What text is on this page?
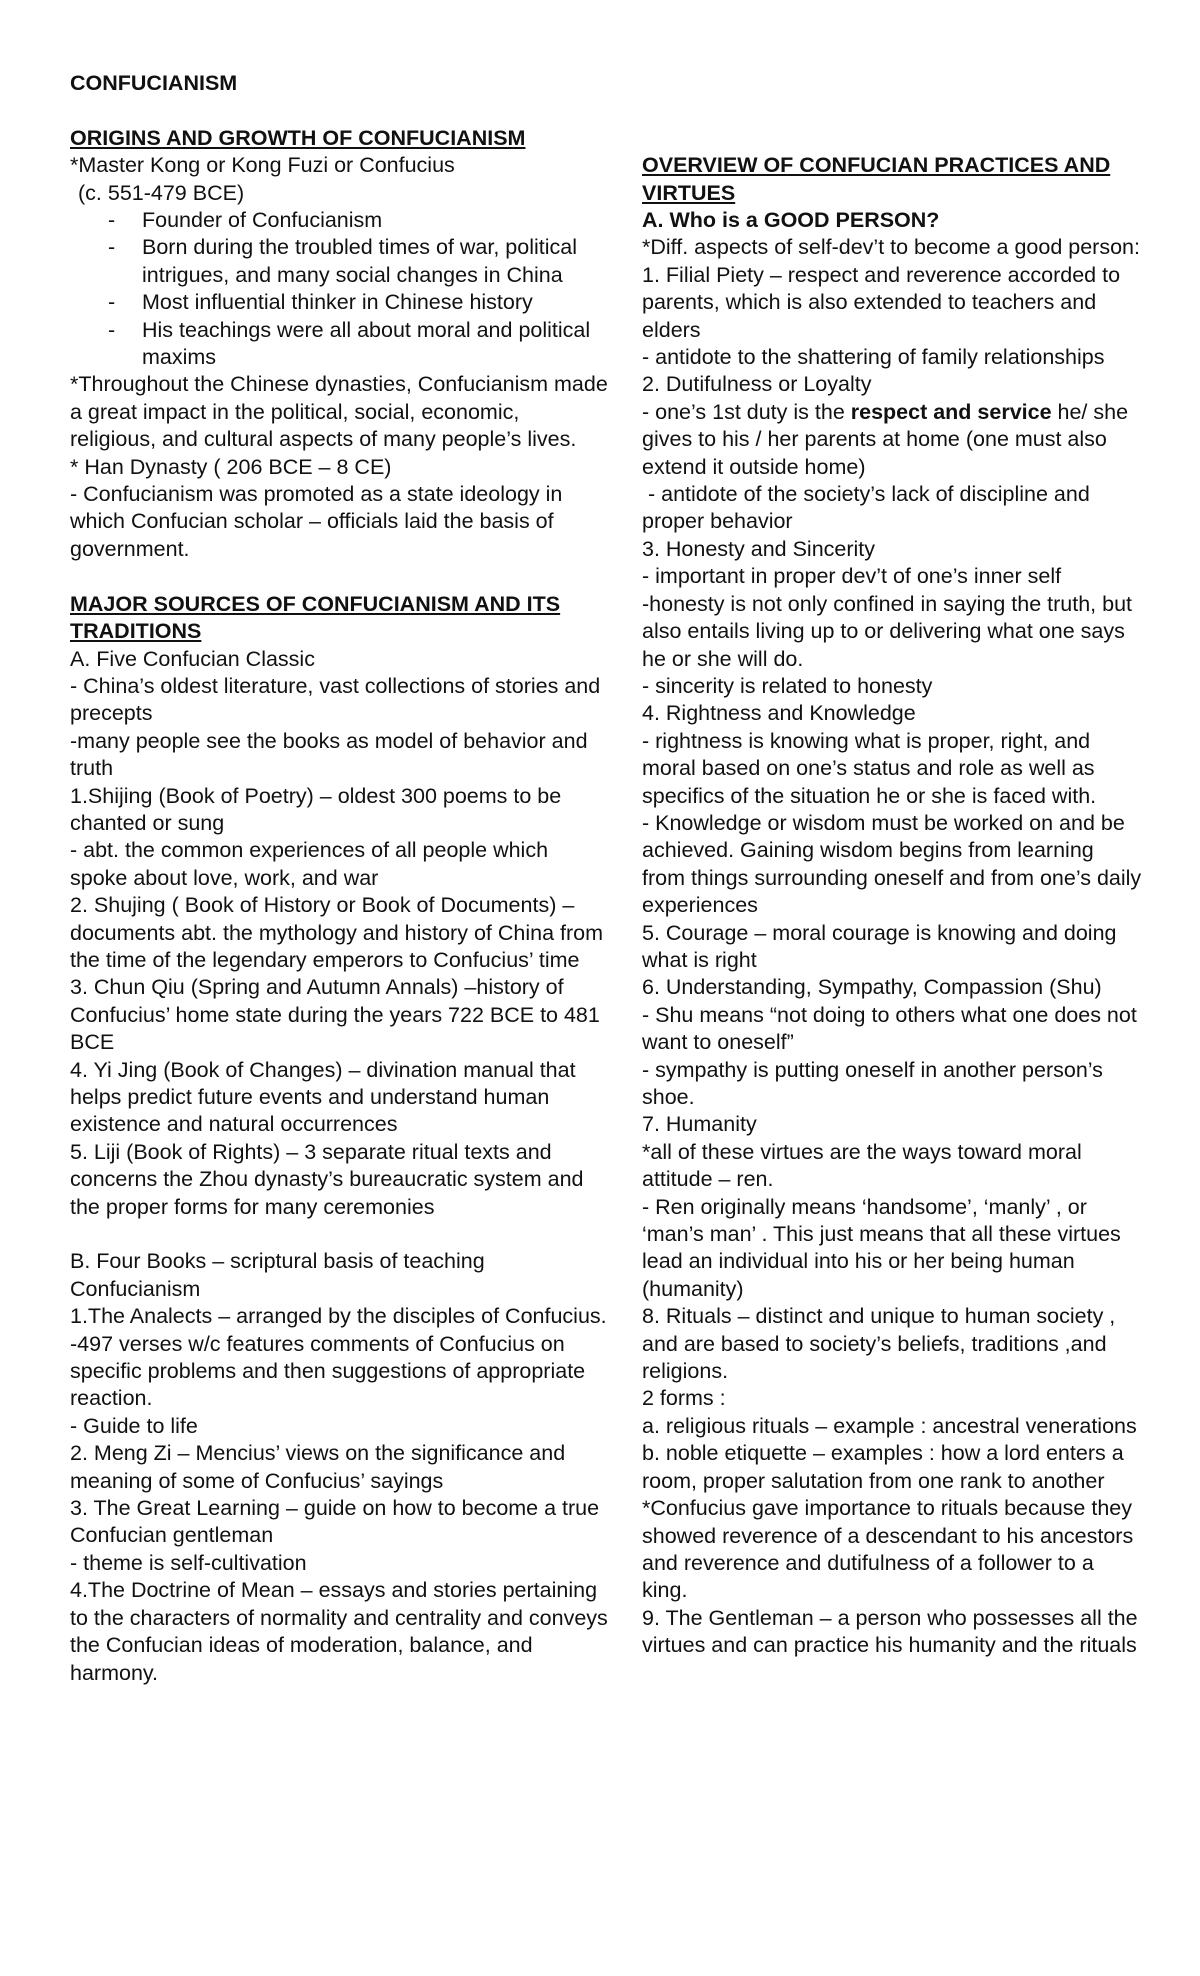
CONFUCIANISM

ORIGINS AND GROWTH OF CONFUCIANISM

*Master Kong or Kong Fuzi or Confucius

(c. 551-479 BCE)

- Founder of Confucianism
- Born during the troubled times of war, political intrigues, and many social changes in China
- Most influential thinker in Chinese history
- His teachings were all about moral and political maxims

*Throughout the Chinese dynasties, Confucianism made a great impact in the political, social, economic, religious, and cultural aspects of many people’s lives.

* Han Dynasty ( 206 BCE – 8 CE)

- Confucianism was promoted as a state ideology in which Confucian scholar – officials laid the basis of government.

MAJOR SOURCES OF CONFUCIANISM AND ITS TRADITIONS

A. Five Confucian Classic

- China’s oldest literature, vast collections of stories and precepts

-many people see the books as model of behavior and truth

1.Shijing (Book of Poetry) – oldest 300 poems to be chanted or sung

- abt. the common experiences of all people which spoke about love, work, and war

2. Shujing ( Book of History or Book of Documents) – documents abt. the mythology and history of China from the time of the legendary emperors to Confucius’ time

3. Chun Qiu (Spring and Autumn Annals) –history of Confucius’ home state during the years 722 BCE to 481 BCE

4. Yi Jing (Book of Changes) – divination manual that helps predict future events and understand human existence and natural occurrences

5. Liji (Book of Rights) – 3 separate ritual texts and concerns the Zhou dynasty’s bureaucratic system and the proper forms for many ceremonies

B. Four Books – scriptural basis of teaching Confucianism

1.The Analects – arranged by the disciples of Confucius.

-497 verses w/c features comments of Confucius on specific problems and then suggestions of appropriate reaction.

- Guide to life

2. Meng Zi – Mencius’ views on the significance and meaning of some of Confucius’ sayings

3. The Great Learning – guide on how to become a true Confucian gentleman

- theme is self-cultivation

4.The Doctrine of Mean – essays and stories pertaining to the characters of normality and centrality and conveys the Confucian ideas of moderation, balance, and harmony.

OVERVIEW OF CONFUCIAN PRACTICES AND VIRTUES

A. Who is a GOOD PERSON?

*Diff. aspects of self-dev’t to become a good person:

1. Filial Piety – respect and reverence accorded to parents, which is also extended to teachers and elders

- antidote to the shattering of family relationships

2. Dutifulness or Loyalty

- one’s 1st duty is the respect and service he/ she gives to his / her parents at home (one must also extend it outside home)

- antidote of the society’s lack of discipline and proper behavior

3. Honesty and Sincerity

- important in proper dev’t of one’s inner self

-honesty is not only confined in saying the truth, but also entails living up to or delivering what one says he or she will do.

- sincerity is related to honesty

4. Rightness and Knowledge

- rightness is knowing what is proper, right, and moral based on one’s status and role as well as specifics of the situation he or she is faced with.

- Knowledge or wisdom must be worked on and be achieved. Gaining wisdom begins from learning from things surrounding oneself and from one’s daily experiences

5. Courage – moral courage is knowing and doing what is right

6. Understanding, Sympathy, Compassion (Shu)

- Shu means “not doing to others what one does not want to oneself”

- sympathy is putting oneself in another person’s shoe.

7. Humanity

*all of these virtues are the ways toward moral attitude – ren.

- Ren originally means ‘handsome’, ‘manly’ , or ‘man’s man’ . This just means that all these virtues lead an individual into his or her being human (humanity)

8. Rituals – distinct and unique to human society , and are based to society’s beliefs, traditions ,and religions.

2 forms :

a. religious rituals – example : ancestral venerations

b. noble etiquette – examples : how a lord enters a room, proper salutation from one rank to another

*Confucius gave importance to rituals because they showed reverence of a descendant to his ancestors and reverence and dutifulness of a follower to a king.

9. The Gentleman – a person who possesses all the virtues and can practice his humanity and the rituals
